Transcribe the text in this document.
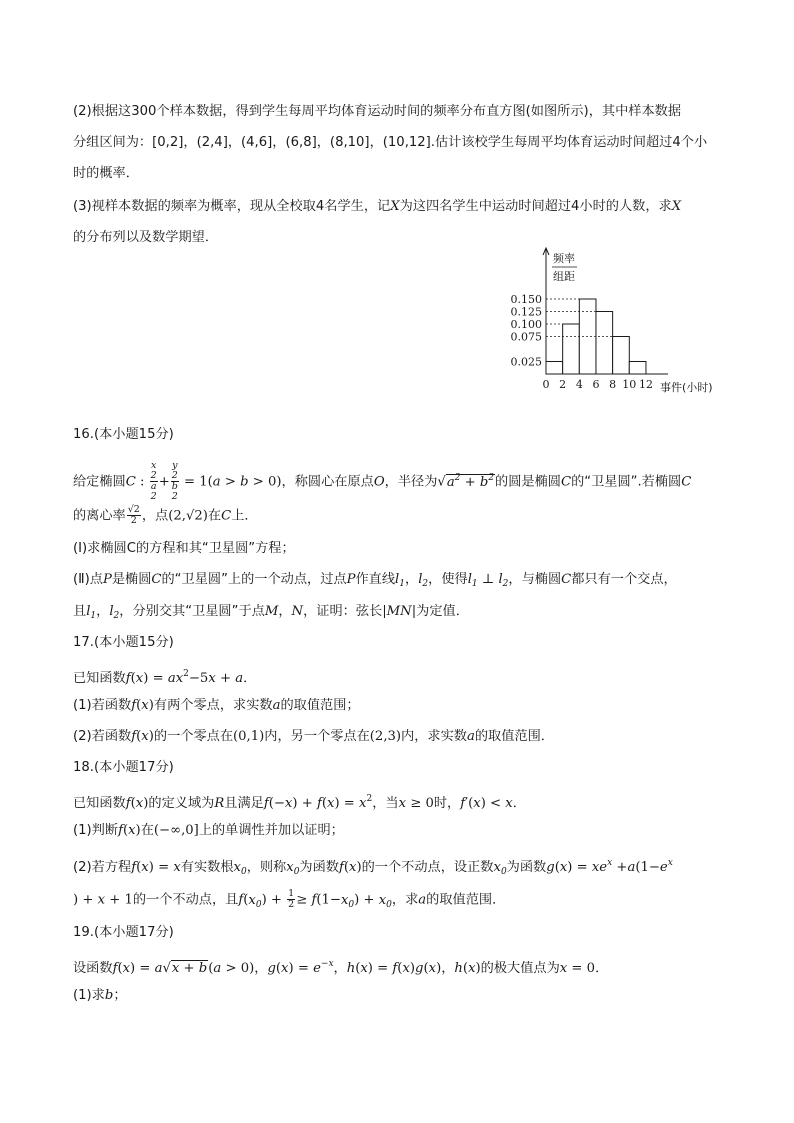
(2)根据这300个样本数据，得到学生每周平均体育运动时间的频率分布直方图(如图所示)，其中样本数据
分组区间为：[0,2]，(2,4]，(4,6]，(6,8]，(8,10]，(10,12].估计该校学生每周平均体育运动时间超过4个小
时的概率．
(3)视样本数据的频率为概率，现从全校取4名学生，记X为这四名学生中运动时间超过4小时的人数，求X
的分布列以及数学期望．
0.150
0.125
0.100
0.075
0.025
0 2 4 6 8 10 12
频率
组距
事件(小时)
16.(本小题15分)
给定椭圆C : x
2
a
2 + y
2
b
2 = 1(a > b > 0)，称圆心在原点O，半径为$√a^2 + b^2$的圆是椭圆C的“卫星圆”.若椭圆C
的离心率 $\frac{√2}{2}$ ，点(2,√2)在C上．
(Ⅰ)求椭圆C的方程和其“卫星圆”方程；
(Ⅱ)点P是椭圆C的“卫星圆”上的一个动点，过点P作直线$l_1$，$l_2$，使得$l_1$ ⊥ $l_2$，与椭圆C都只有一个交点，
且$l_1$，$l_2$，分别交其“卫星圆”于点M，N，证明：弦长|MN|为定值．
17.(本小题15分)
已知函数$f(x) = ax^2-5x + a$．
(1)若函数f(x)有两个零点，求实数a的取值范围；
(2)若函数f(x)的一个零点在(0,1)内，另一个零点在(2,3)内，求实数a的取值范围．
18.(本小题17分)
已知函数f(x)的定义域为R且满足$f(-x) + f(x) = x^2$，当x ≥ 0时，f′(x) < x．
(1)判断f(x)在(−∞,0]上的单调性并加以证明；
(2)若方程f(x) = x有实数根$x_0$，则称$x_0$为函数f(x)的一个不动点，设正数$x_0$为函数$g(x) = xe^x +a(1-e^x$
) + x + 1的一个不动点，且$f(x_0) + \frac{1}{2} \ge f(1-x_0) + x_0$，求a的取值范围．
19.(本小题17分)
设函数f(x) = a√x + b(a > 0)，$g(x) = e^{-x}$，h(x) = f(x)g(x)，h(x)的极大值点为x = 0．
(1)求b；
